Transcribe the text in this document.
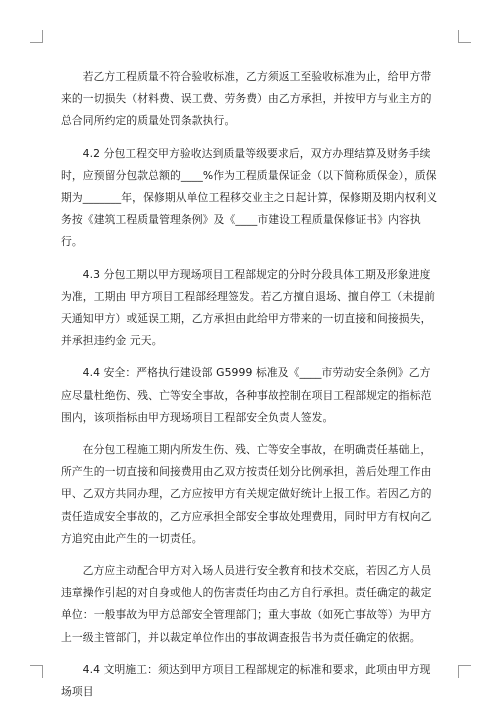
若乙方工程质量不符合验收标准，乙方须返工至验收标准为止，给甲方带来的一切损失（材料费、误工费、劳务费）由乙方承担，并按甲方与业主方的总合同所约定的质量处罚条款执行。

4.2 分包工程交甲方验收达到质量等级要求后，双方办理结算及财务手续时，应预留分包款总额的____%作为工程质量保证金（以下简称质保金），质保期为_______年，保修期从单位工程移交业主之日起计算，保修期及期内权利义务按《建筑工程质量管理条例》及《____市建设工程质量保修证书》内容执行。

4.3 分包工期以甲方现场项目工程部规定的分时分段具体工期及形象进度为准，工期由 甲方项目工程部经理签发。若乙方擅自退场、擅自停工（未提前 天通知甲方）或延误工期，乙方承担由此给甲方带来的一切直接和间接损失，并承担违约金 元天。

4.4 安全：严格执行建设部 G5999 标准及《____市劳动安全条例》乙方应尽量杜绝伤、残、亡等安全事故，各种事故控制在项目工程部规定的指标范围内，该项指标由甲方现场项目工程部安全负责人签发。

在分包工程施工期内所发生伤、残、亡等安全事故，在明确责任基础上，所产生的一切直接和间接费用由乙双方按责任划分比例承担，善后处理工作由甲、乙双方共同办理，乙方应按甲方有关规定做好统计上报工作。若因乙方的责任造成安全事故的，乙方应承担全部安全事故处理费用，同时甲方有权向乙方追究由此产生的一切责任。

乙方应主动配合甲方对入场人员进行安全教育和技术交底，若因乙方人员违章操作引起的对自身或他人的伤害责任均由乙方自行承担。责任确定的裁定单位：一般事故为甲方总部安全管理部门；重大事故（如死亡事故等）为甲方上一级主管部门，并以裁定单位作出的事故调查报告书为责任确定的依据。

4.4 文明施工：须达到甲方项目工程部规定的标准和要求，此项由甲方现场项目
